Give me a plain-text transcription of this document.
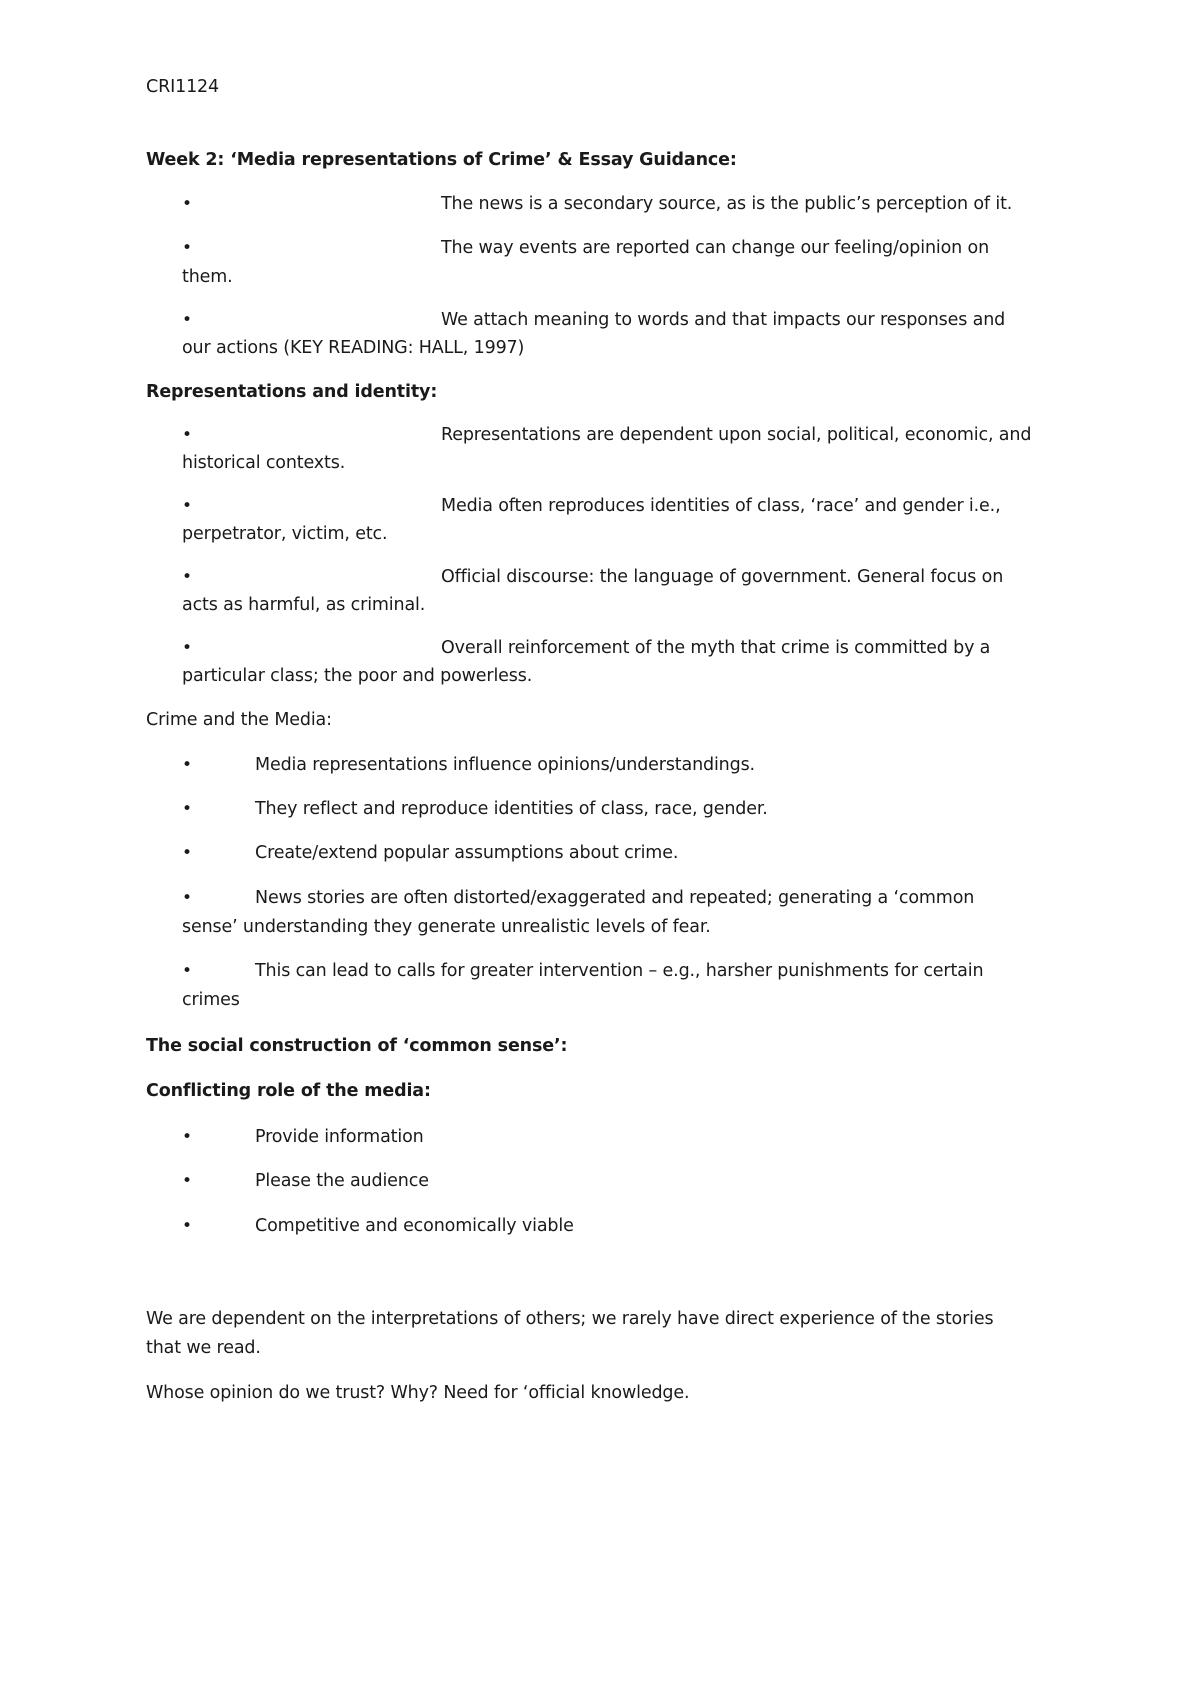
CRI1124
Week 2: ‘Media representations of Crime’ & Essay Guidance:
•	The news is a secondary source, as is the public’s perception of it.
•	The way events are reported can change our feeling/opinion on
them.
•	We attach meaning to words and that impacts our responses and
our actions (KEY READING: HALL, 1997)
Representations and identity:
•	Representations are dependent upon social, political, economic, and
historical contexts.
•	Media often reproduces identities of class, ‘race’ and gender i.e.,
perpetrator, victim, etc.
•	Official discourse: the language of government. General focus on
acts as harmful, as criminal.
•	Overall reinforcement of the myth that crime is committed by a
particular class; the poor and powerless.
Crime and the Media:
•	Media representations influence opinions/understandings.
•	They reflect and reproduce identities of class, race, gender.
•	Create/extend popular assumptions about crime.
•	News stories are often distorted/exaggerated and repeated; generating a ‘common
sense’ understanding they generate unrealistic levels of fear.
•	This can lead to calls for greater intervention – e.g., harsher punishments for certain
crimes
The social construction of ‘common sense’:
Conflicting role of the media:
•	Provide information
•	Please the audience
•	Competitive and economically viable
We are dependent on the interpretations of others; we rarely have direct experience of the stories
that we read.
Whose opinion do we trust? Why? Need for ‘official knowledge.
